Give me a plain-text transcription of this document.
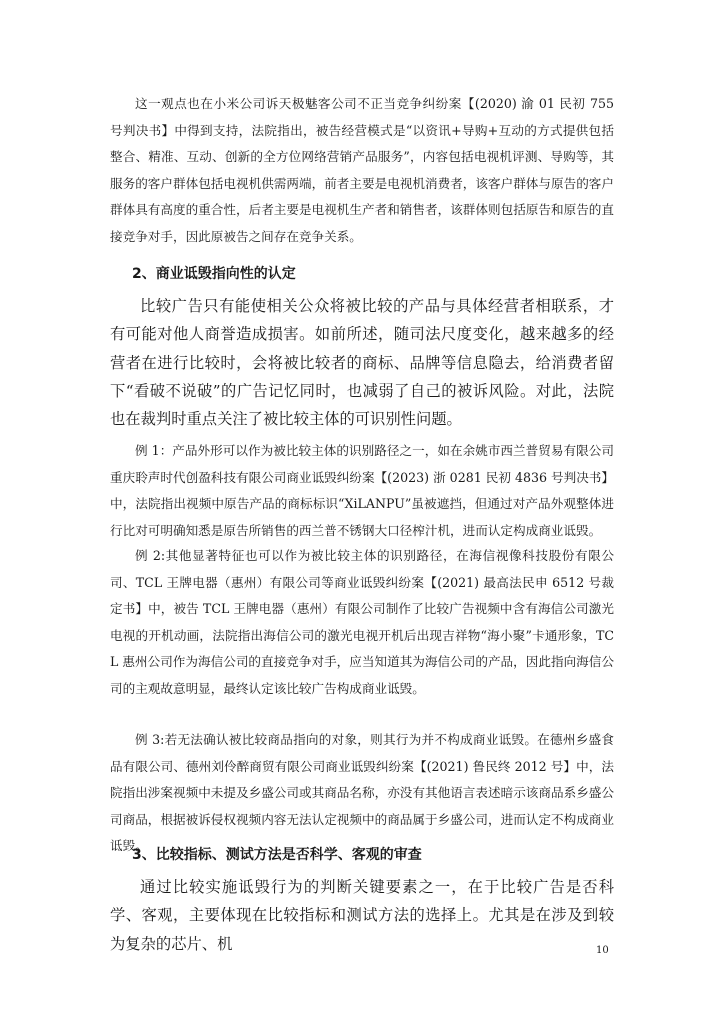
这一观点也在小米公司诉天极魅客公司不正当竞争纠纷案【(2020) 渝 01 民初 755 号判决书】中得到支持，法院指出，被告经营模式是“以资讯+导购+互动的方式提供包括整合、精准、互动、创新的全方位网络营销产品服务”，内容包括电视机评测、导购等，其服务的客户群体包括电视机供需两端，前者主要是电视机消费者，该客户群体与原告的客户群体具有高度的重合性，后者主要是电视机生产者和销售者，该群体则包括原告和原告的直接竞争对手，因此原被告之间存在竞争关系。

2、商业诋毁指向性的认定

比较广告只有能使相关公众将被比较的产品与具体经营者相联系，才有可能对他人商誉造成损害。如前所述，随司法尺度变化，越来越多的经营者在进行比较时，会将被比较者的商标、品牌等信息隐去，给消费者留下“看破不说破”的广告记忆同时，也减弱了自己的被诉风险。对此，法院也在裁判时重点关注了被比较主体的可识别性问题。

例 1：产品外形可以作为被比较主体的识别路径之一，如在余姚市西兰普贸易有限公司重庆聆声时代创盈科技有限公司商业诋毁纠纷案【(2023) 浙 0281 民初 4836 号判决书】中，法院指出视频中原告产品的商标标识“XiLANPU”虽被遮挡，但通过对产品外观整体进行比对可明确知悉是原告所销售的西兰普不锈钢大口径榨汁机，进而认定构成商业诋毁。

例 2:其他显著特征也可以作为被比较主体的识别路径，在海信视像科技股份有限公司、TCL 王牌电器（惠州）有限公司等商业诋毁纠纷案【(2021) 最高法民申 6512 号裁定书】中，被告 TCL 王牌电器（惠州）有限公司制作了比较广告视频中含有海信公司激光电视的开机动画，法院指出海信公司的激光电视开机后出现吉祥物“海小聚”卡通形象，TCL 惠州公司作为海信公司的直接竞争对手，应当知道其为海信公司的产品，因此指向海信公司的主观故意明显，最终认定该比较广告构成商业诋毁。

例 3:若无法确认被比较商品指向的对象，则其行为并不构成商业诋毁。在德州乡盛食品有限公司、德州刘伶醉商贸有限公司商业诋毁纠纷案【(2021) 鲁民终 2012 号】中，法院指出涉案视频中未提及乡盛公司或其商品名称，亦没有其他语言表述暗示该商品系乡盛公司商品，根据被诉侵权视频内容无法认定视频中的商品属于乡盛公司，进而认定不构成商业诋毁。

3、比较指标、测试方法是否科学、客观的审查

通过比较实施诋毁行为的判断关键要素之一，在于比较广告是否科学、客观，主要体现在比较指标和测试方法的选择上。尤其是在涉及到较为复杂的芯片、机	10
